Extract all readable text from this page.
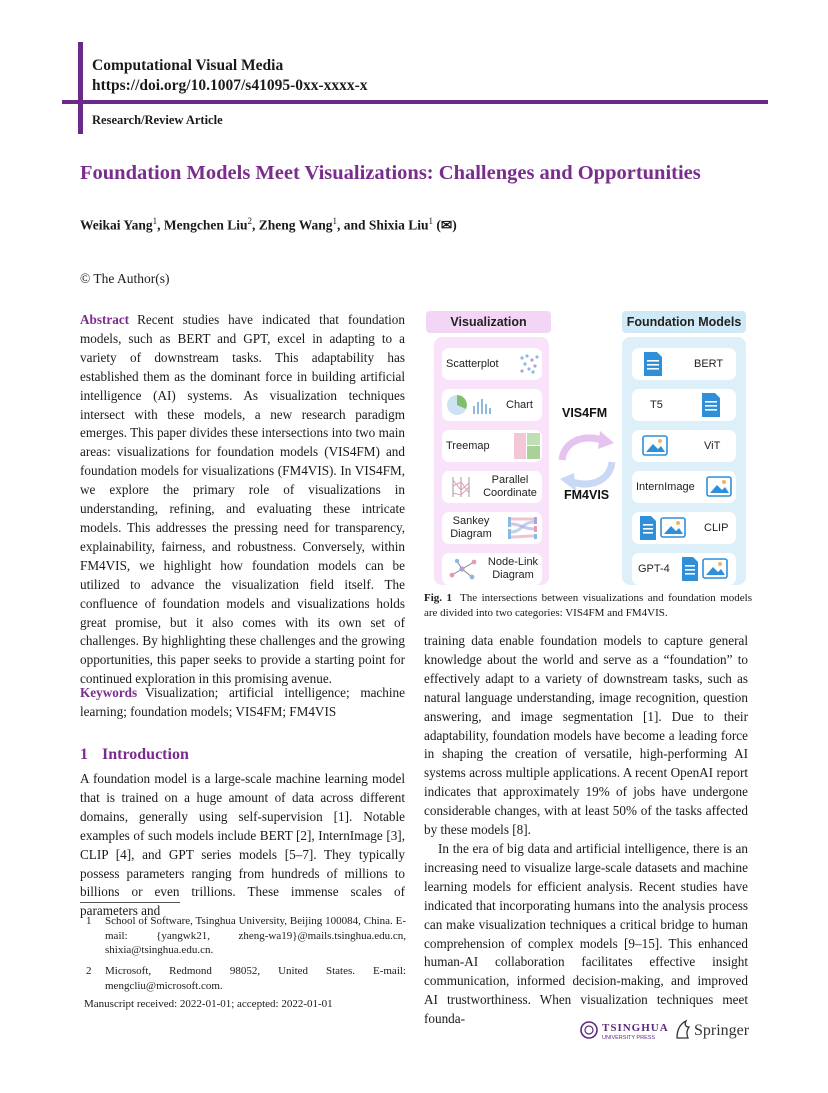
Computational Visual Media
https://doi.org/10.1007/s41095-0xx-xxxx-x
Research/Review Article
Foundation Models Meet Visualizations: Challenges and Opportunities
Weikai Yang$^1$, Mengchen Liu$^2$, Zheng Wang$^1$, and Shixia Liu$^1$ (✉)
© The Author(s)
Abstract Recent studies have indicated that foundation models, such as BERT and GPT, excel in adapting to a variety of downstream tasks. This adaptability has established them as the dominant force in building artificial intelligence (AI) systems. As visualization techniques intersect with these models, a new research paradigm emerges. This paper divides these intersections into two main areas: visualizations for foundation models (VIS4FM) and foundation models for visualizations (FM4VIS). In VIS4FM, we explore the primary role of visualizations in understanding, refining, and evaluating these intricate models. This addresses the pressing need for transparency, explainability, fairness, and robustness. Conversely, within FM4VIS, we highlight how foundation models can be utilized to advance the visualization field itself. The confluence of foundation models and visualizations holds great promise, but it also comes with its own set of challenges. By highlighting these challenges and the growing opportunities, this paper seeks to provide a starting point for continued exploration in this promising avenue.
Keywords Visualization; artificial intelligence; machine learning; foundation models; VIS4FM; FM4VIS
1 Introduction
A foundation model is a large-scale machine learning model that is trained on a huge amount of data across different domains, generally using self-supervision [1]. Notable examples of such models include BERT [2], InternImage [3], CLIP [4], and GPT series models [5–7]. They typically possess parameters ranging from hundreds of millions to billions or even trillions. These immense scales of parameters and
1 School of Software, Tsinghua University, Beijing 100084, China. E-mail: {yangwk21, zheng-wa19}@mails.tsinghua.edu.cn, shixia@tsinghua.edu.cn.
2 Microsoft, Redmond 98052, United States. E-mail: mengcliu@microsoft.com.
Manuscript received: 2022-01-01; accepted: 2022-01-01
Visualization	Foundation Models
Scatterplot
Chart
Treemap
Parallel Coordinate
Sankey Diagram
Node-Link Diagram
VIS4FM
FM4VIS
BERT
T5
ViT
InternImage
CLIP
GPT-4
Fig. 1 The intersections between visualizations and foundation models are divided into two categories: VIS4FM and FM4VIS.
training data enable foundation models to capture general knowledge about the world and serve as a “foundation” to effectively adapt to a variety of downstream tasks, such as natural language understanding, image recognition, question answering, and image segmentation [1]. Due to their adaptability, foundation models have become a leading force in shaping the creation of versatile, high-performing AI systems across multiple applications. A recent OpenAI report indicates that approximately 19% of jobs have undergone considerable changes, with at least 50% of the tasks affected by these models [8].
In the era of big data and artificial intelligence, there is an increasing need to visualize large-scale datasets and machine learning models for efficient analysis. Recent studies have indicated that incorporating humans into the analysis process can make visualization techniques a critical bridge to human comprehension of complex models [9–15]. This enhanced human-AI collaboration facilitates effective insight communication, informed decision-making, and improved AI trustworthiness. When visualization techniques meet founda-
TSINGHUA
UNIVERSITY PRESS Springer
